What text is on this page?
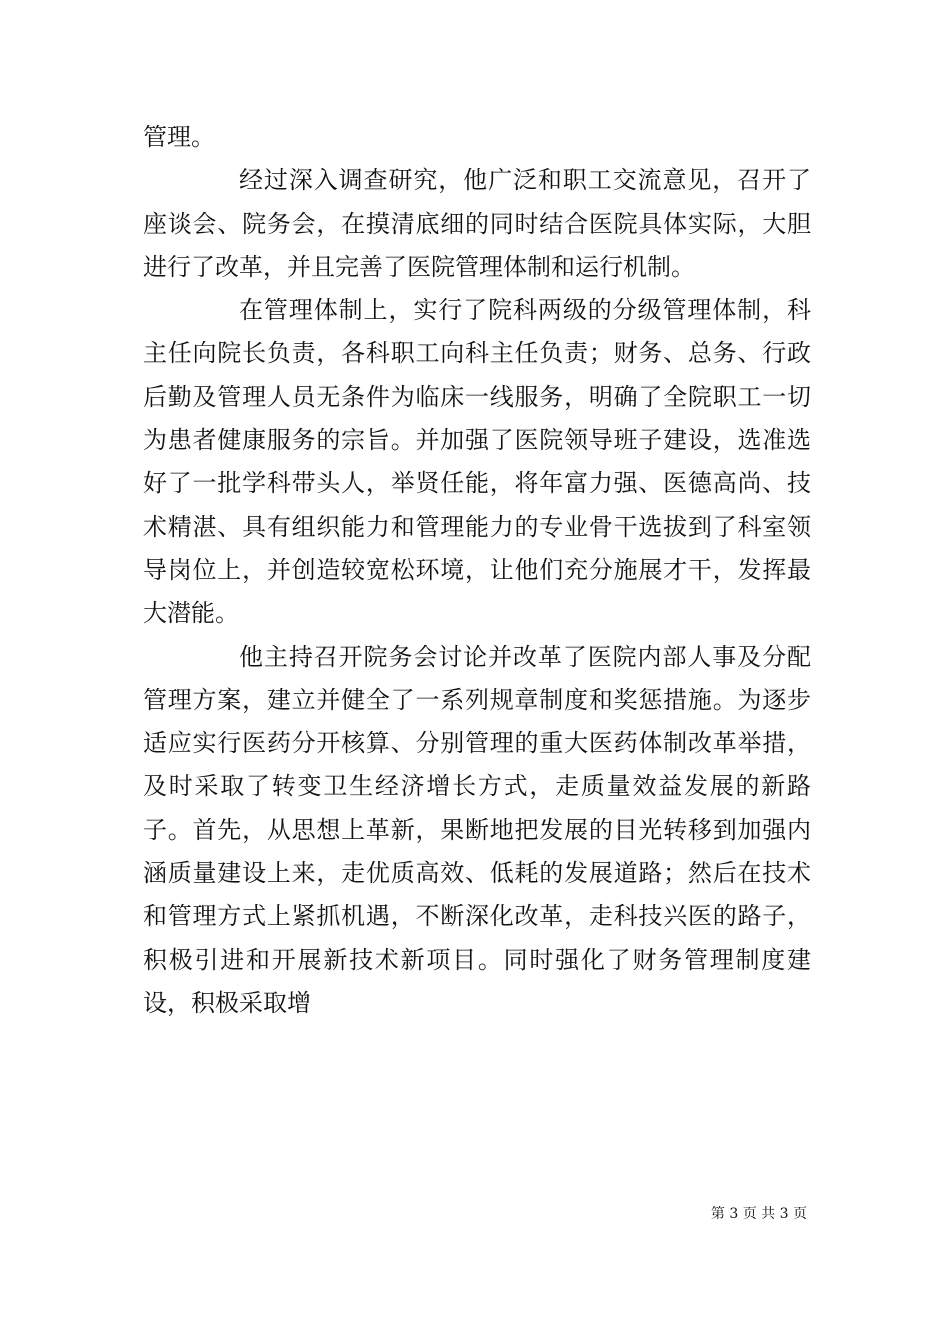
管理。

经过深入调查研究，他广泛和职工交流意见，召开了座谈会、院务会，在摸清底细的同时结合医院具体实际，大胆进行了改革，并且完善了医院管理体制和运行机制。

在管理体制上，实行了院科两级的分级管理体制，科主任向院长负责，各科职工向科主任负责；财务、总务、行政后勤及管理人员无条件为临床一线服务，明确了全院职工一切为患者健康服务的宗旨。并加强了医院领导班子建设，选准选好了一批学科带头人，举贤任能，将年富力强、医德高尚、技术精湛、具有组织能力和管理能力的专业骨干选拔到了科室领导岗位上，并创造较宽松环境，让他们充分施展才干，发挥最大潜能。

他主持召开院务会讨论并改革了医院内部人事及分配管理方案，建立并健全了一系列规章制度和奖惩措施。为逐步适应实行医药分开核算、分别管理的重大医药体制改革举措，及时采取了转变卫生经济增长方式，走质量效益发展的新路子。首先，从思想上革新，果断地把发展的目光转移到加强内涵质量建设上来，走优质高效、低耗的发展道路；然后在技术和管理方式上紧抓机遇，不断深化改革，走科技兴医的路子，积极引进和开展新技术新项目。同时强化了财务管理制度建设，积极采取增

第 3 页 共 3 页
